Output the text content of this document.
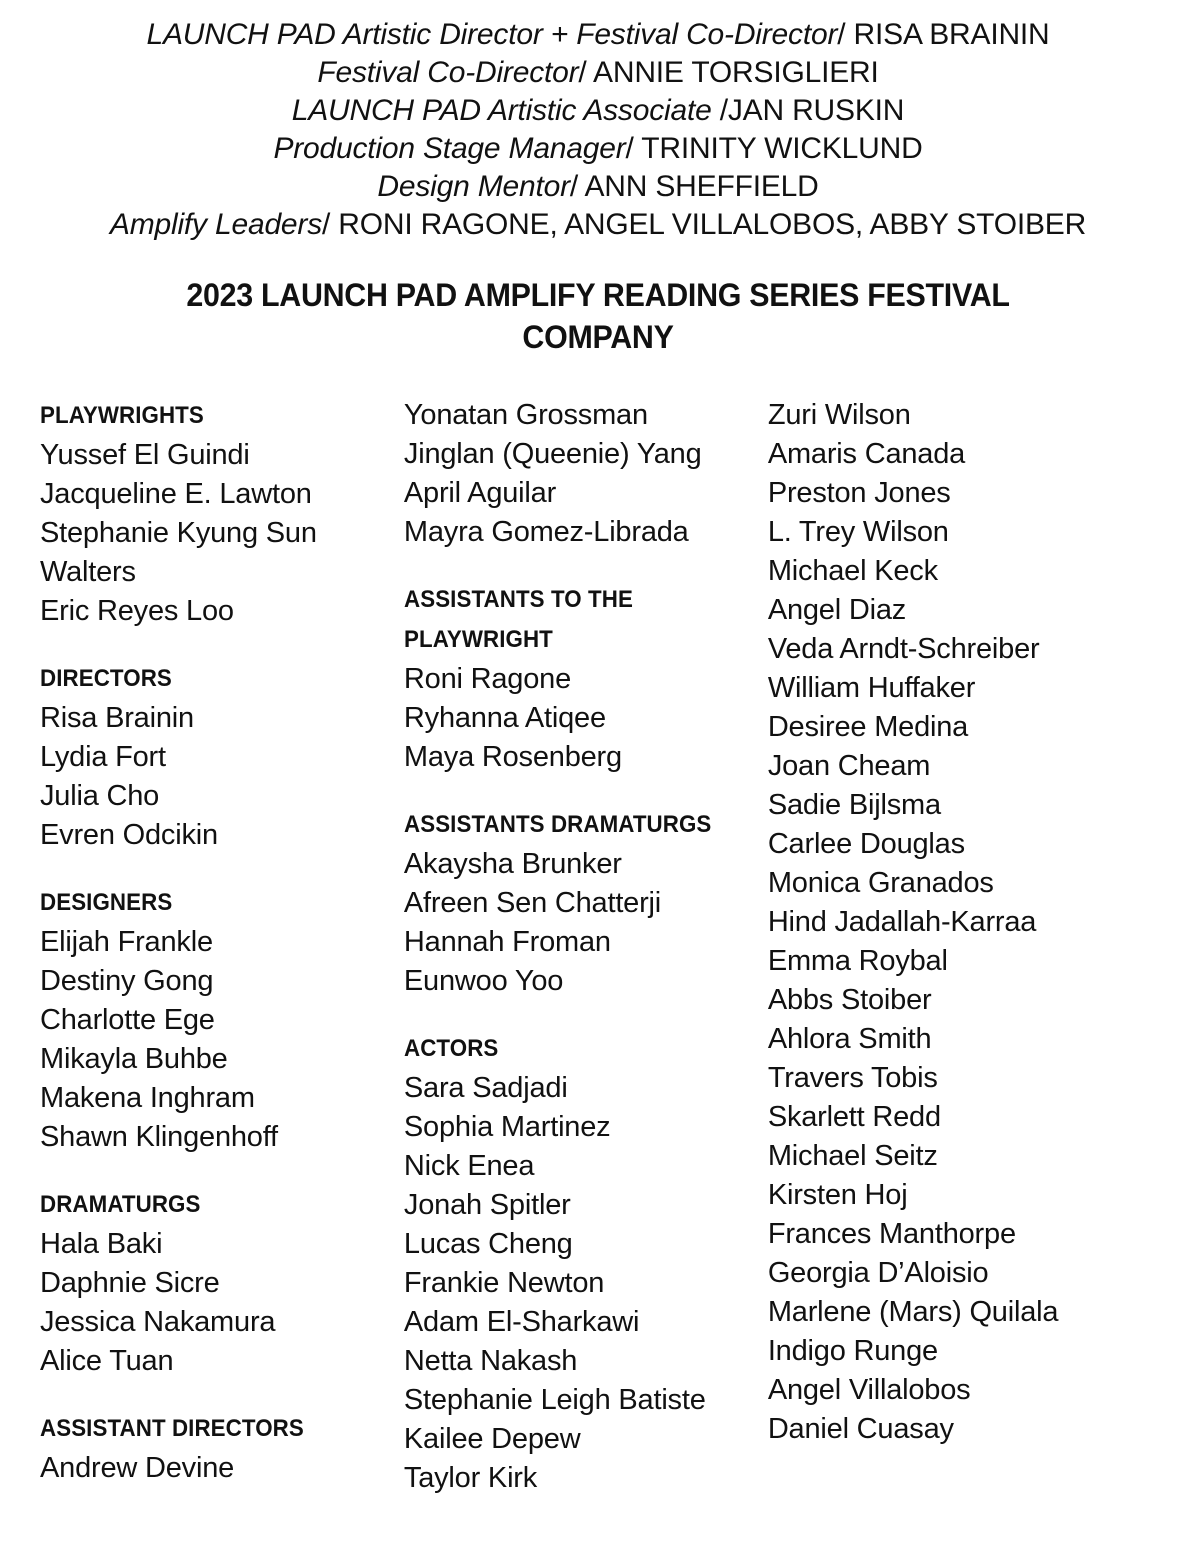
LAUNCH PAD Artistic Director + Festival Co-Director/ RISA BRAININ
Festival Co-Director/ ANNIE TORSIGLIERI
LAUNCH PAD Artistic Associate /JAN RUSKIN
Production Stage Manager/ TRINITY WICKLUND
Design Mentor/ ANN SHEFFIELD
Amplify Leaders/ RONI RAGONE, ANGEL VILLALOBOS, ABBY STOIBER
2023 LAUNCH PAD AMPLIFY READING SERIES FESTIVAL COMPANY
PLAYWRIGHTS
Yussef El Guindi
Jacqueline E. Lawton
Stephanie Kyung Sun Walters
Eric Reyes Loo
DIRECTORS
Risa Brainin
Lydia Fort
Julia Cho
Evren Odcikin
DESIGNERS
Elijah Frankle
Destiny Gong
Charlotte Ege
Mikayla Buhbe
Makena Inghram
Shawn Klingenhoff
DRAMATURGS
Hala Baki
Daphnie Sicre
Jessica Nakamura
Alice Tuan
ASSISTANT DIRECTORS
Andrew Devine
Yonatan Grossman
Jinglan (Queenie) Yang
April Aguilar
Mayra Gomez-Librada
ASSISTANTS TO THE PLAYWRIGHT
Roni Ragone
Ryhanna Atiqee
Maya Rosenberg
ASSISTANTS DRAMATURGS
Akaysha Brunker
Afreen Sen Chatterji
Hannah Froman
Eunwoo Yoo
ACTORS
Sara Sadjadi
Sophia Martinez
Nick Enea
Jonah Spitler
Lucas Cheng
Frankie Newton
Adam El-Sharkawi
Netta Nakash
Stephanie Leigh Batiste
Kailee Depew
Taylor Kirk
Zuri Wilson
Amaris Canada
Preston Jones
L. Trey Wilson
Michael Keck
Angel Diaz
Veda Arndt-Schreiber
William Huffaker
Desiree Medina
Joan Cheam
Sadie Bijlsma
Carlee Douglas
Monica Granados
Hind Jadallah-Karraa
Emma Roybal
Abbs Stoiber
Ahlora Smith
Travers Tobis
Skarlett Redd
Michael Seitz
Kirsten Hoj
Frances Manthorpe
Georgia D’Aloisio
Marlene (Mars) Quilala
Indigo Runge
Angel Villalobos
Daniel Cuasay
